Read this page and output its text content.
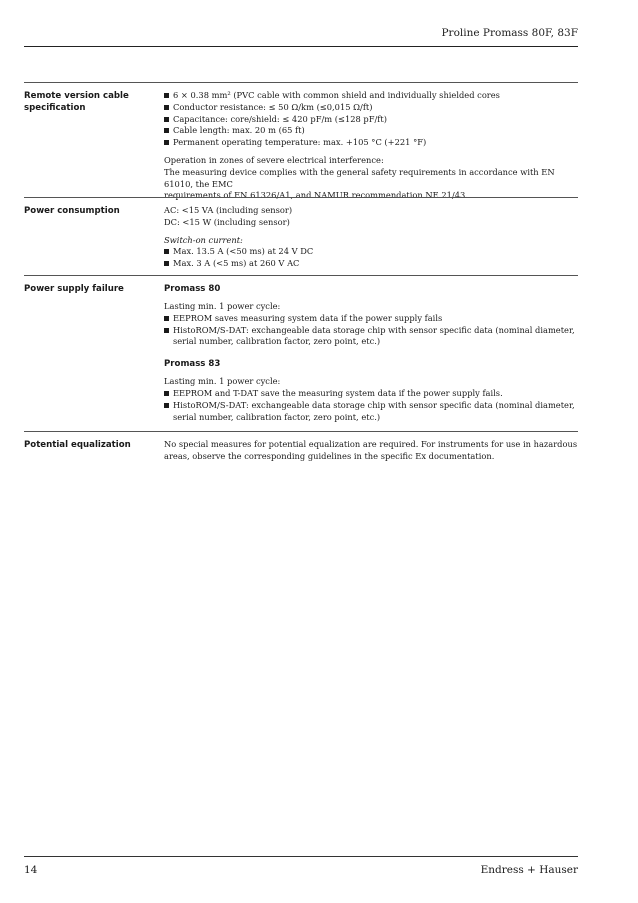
Proline Promass 80F, 83F
Remote version cable specification
6 × 0.38 mm² (PVC cable with common shield and individually shielded cores
Conductor resistance: ≤ 50 Ω/km (≤0,015 Ω/ft)
Capacitance: core/shield: ≤ 420 pF/m (≤128 pF/ft)
Cable length: max. 20 m (65 ft)
Permanent operating temperature: max. +105 °C (+221 °F)
Operation in zones of severe electrical interference:
The measuring device complies with the general safety requirements in accordance with EN 61010, the EMC
requirements of EN 61326/A1, and NAMUR recommendation NE 21/43.
Power consumption	AC: <15 VA (including sensor)
DC: <15 W (including sensor)
Switch-on current:
Max. 13.5 A (<50 ms) at 24 V DC
Max. 3 A (<5 ms) at 260 V AC
Power supply failure	Promass 80
Lasting min. 1 power cycle:
EEPROM saves measuring system data if the power supply fails
HistoROM/S-DAT: exchangeable data storage chip with sensor specific data (nominal diameter, serial number, calibration factor, zero point, etc.)
Promass 83
Lasting min. 1 power cycle:
EEPROM and T-DAT save the measuring system data if the power supply fails.
HistoROM/S-DAT: exchangeable data storage chip with sensor specific data (nominal diameter, serial number, calibration factor, zero point, etc.)
Potential equalization	No special measures for potential equalization are required. For instruments for use in hazardous areas, observe the corresponding guidelines in the specific Ex documentation.
14	Endress + Hauser
